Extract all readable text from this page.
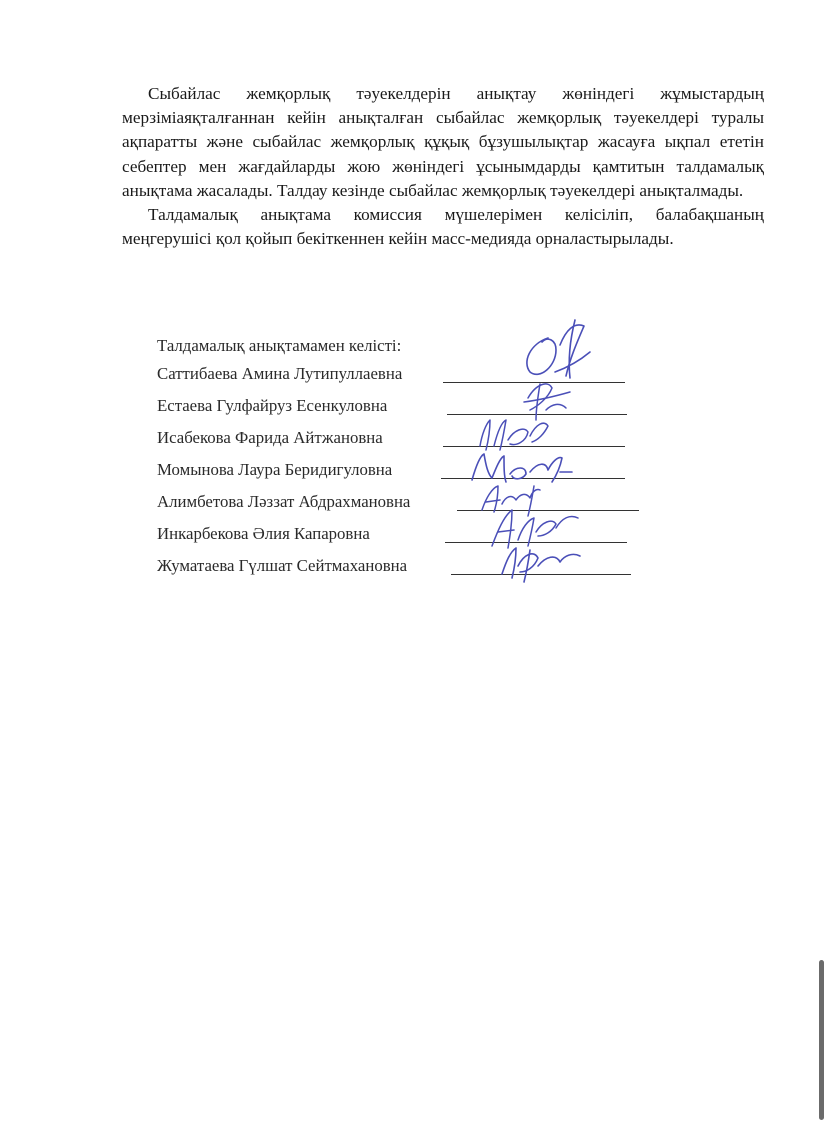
Сыбайлас жемқорлық тәуекелдерін анықтау жөніндегі жұмыстардың мерзіміаяқталғаннан кейін анықталған сыбайлас жемқорлық тәуекелдері туралы ақпаратты және сыбайлас жемқорлық құқық бұзушылықтар жасауға ықпал ететін себептер мен жағдайларды жою жөніндегі ұсынымдарды қамтитын талдамалық анықтама жасалады. Талдау кезінде сыбайлас жемқорлық тәуекелдері анықталмады.

Талдамалық анықтама комиссия мүшелерімен келісіліп, балабақшаның меңгерушісі қол қойып бекіткеннен кейін масс-медияда орналастырылады.

Талдамалық анықтамамен келісті:
Саттибаева Амина Лутипуллаевна
Естаева Гулфайруз Есенкуловна
Исабекова Фарида Айтжановна
Момынова Лаура Беридигуловна
Алимбетова Ләззат Абдрахмановна
Инкарбекова Әлия Капаровна
Жуматаева Гүлшат Сейтмахановна
